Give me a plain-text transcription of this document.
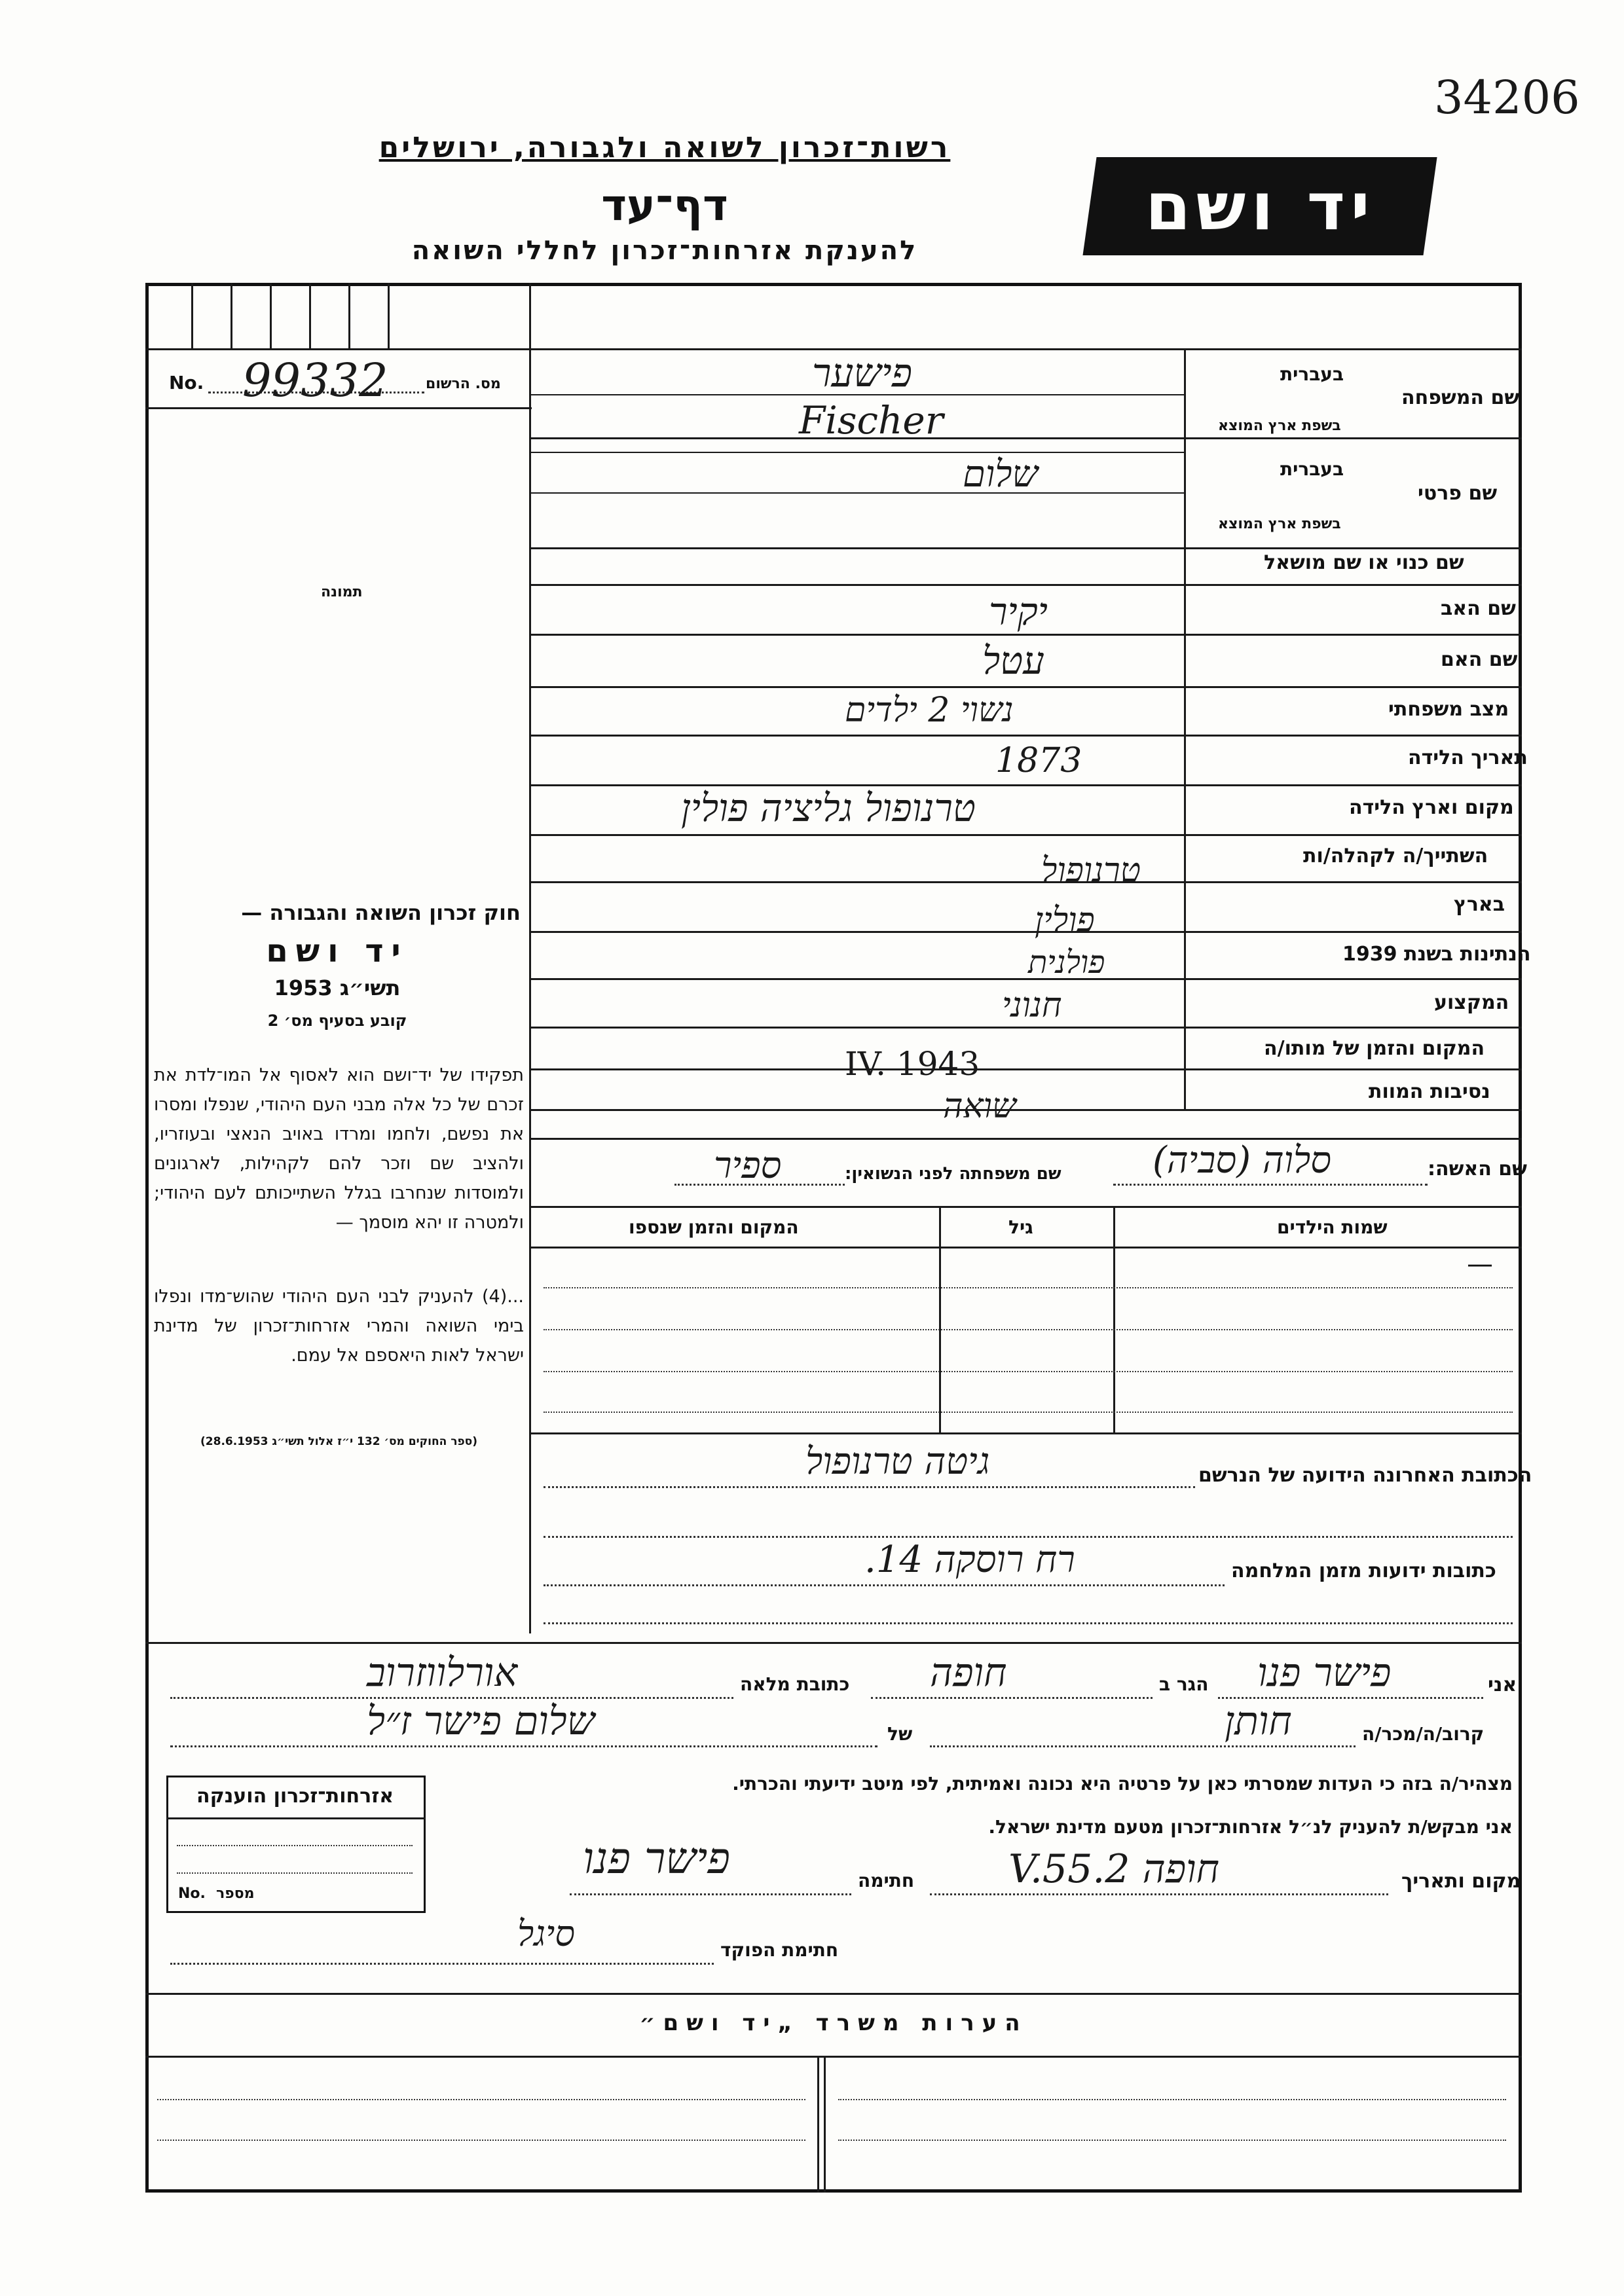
34206
רשות־זכרון לשואה ולגבורה, ירושלים
דף־עד
להענקת אזרחות־זכרון לחללי השואה
יד ושם
No. 99332	מס. הרשום
תמונה
חוק זכרון השואה והגבורה —
יד ושם
תשי״ג 1953
קובע בסעיף מס׳ 2
תפקידו של יד־ושם הוא לאסוף אל המו־לדת את זכרם של כל אלה מבני העם היהודי, שנפלו ומסרו את נפשם, ולחמו ומרדו באויב הנאצי ובעוזריו, ולהציב שם וזכר להם לקהילות, לארגונים ולמוסדות שנחרבו בגלל השתייכותם לעם היהודי; ולמטרה זו יהא מוסמך —
...(4) להעניק לבני העם היהודי שהוש־מדו ונפלו בימי השואה והמרי אזרחות־זכרון של מדינת ישראל לאות היאספם אל עמם.
(ספר החוקים מס׳ 132 י״ז אלול תשי״ג 28.6.1953)
שם המשפחה
בעברית
בשפת ארץ המוצא
פישער
Fischer
שם פרטי
בעברית
בשפת ארץ המוצא
שלום
שם כנוי או שם מושאל
שם האב
יקיר
שם האם
עטל
מצב משפחתי
נשוי 2 ילדים
תאריך הלידה
1873
מקום וארץ הלידה
טרנופול גליציה פולין
השתייך/ה לקהלה/ות
טרנופול
בארץ
פולין
הנתינות בשנת 1939
פולנית
המקצוע
חנוני
המקום והזמן של מותו/ה
IV. 1943
נסיבות המוות
שואה
שם האשה:
סלוה (סביה)
שם משפחתה לפני הנשואין:
ספיר
שמות הילדים
גיל
המקום והזמן שנספו
—
הכתובת האחרונה הידועה של הנרשם
גיטה טרנופול
כתובות ידועות מזמן המלחמה
רח רוסקה 14.
אני
פישר פנו
הגר ב
חופה
כתובת מלאה
אורלווזרוב
קרוב/ה/מכר/ה
חותן
של
שלום פישר ז״ל
מצהיר/ה בזה כי העדות שמסרתי כאן על פרטיה היא נכונה ואמיתית, לפי מיטב ידיעתי והכרתי.
אני מבקש/ת להעניק לנ״ל אזרחות־זכרון מטעם מדינת ישראל.
מקום ותאריך
חופה 2.V.55
חתימה
פישר פנו
חתימת הפוקד
סיגל
אזרחות־זכרון הוענקה
No. מספר
הערות משרד „יד ושם״
